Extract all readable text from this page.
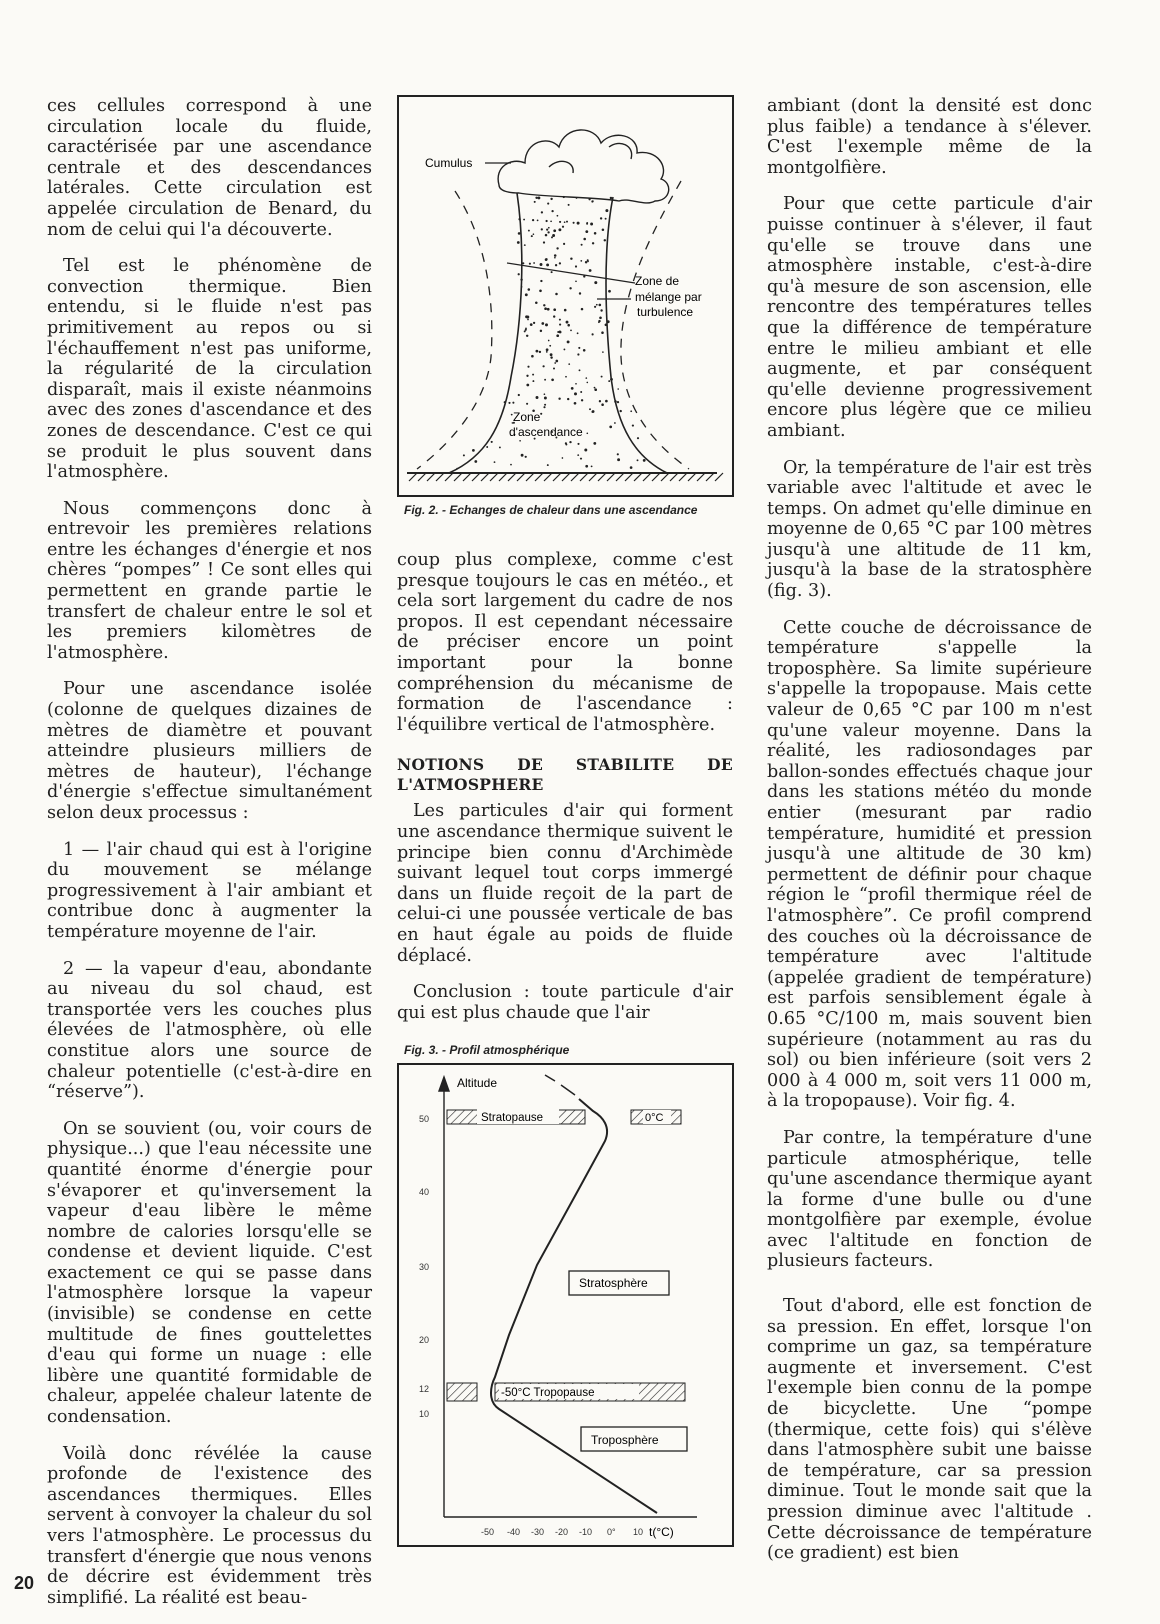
ces cellules correspond à une circulation locale du fluide, caractérisée par une ascendance centrale et des descendances latérales. Cette circulation est appelée circulation de Benard, du nom de celui qui l'a découverte.

Tel est le phénomène de convection thermique. Bien entendu, si le fluide n'est pas primitivement au repos ou si l'échauffement n'est pas uniforme, la régularité de la circulation disparaît, mais il existe néanmoins avec des zones d'ascendance et des zones de descendance. C'est ce qui se produit le plus souvent dans l'atmosphère.

Nous commençons donc à entrevoir les premières relations entre les échanges d'énergie et nos chères “pompes” ! Ce sont elles qui permettent en grande partie le transfert de chaleur entre le sol et les premiers kilomètres de l'atmosphère.

Pour une ascendance isolée (colonne de quelques dizaines de mètres de diamètre et pouvant atteindre plusieurs milliers de mètres de hauteur), l'échange d'énergie s'effectue simultanément selon deux processus :

1 — l'air chaud qui est à l'origine du mouvement se mélange progressivement à l'air ambiant et contribue donc à augmenter la température moyenne de l'air.

2 — la vapeur d'eau, abondante au niveau du sol chaud, est transportée vers les couches plus élevées de l'atmosphère, où elle constitue alors une source de chaleur potentielle (c'est-à-dire en “réserve”).

On se souvient (ou, voir cours de physique...) que l'eau nécessite une quantité énorme d'énergie pour s'évaporer et qu'inversement la vapeur d'eau libère le même nombre de calories lorsqu'elle se condense et devient liquide. C'est exactement ce qui se passe dans l'atmosphère lorsque la vapeur (invisible) se condense en cette multitude de fines gouttelettes d'eau qui forme un nuage : elle libère une quantité formidable de chaleur, appelée chaleur latente de condensation.

Voilà donc révélée la cause profonde de l'existence des ascendances thermiques. Elles servent à convoyer la chaleur du sol vers l'atmosphère. Le processus du transfert d'énergie que nous venons de décrire est évidemment très simplifié. La réalité est beau-

Cumulus
Zone de
mélange par
turbulence
Zone
d'ascendance
Fig. 2. - Echanges de chaleur dans une ascendance

coup plus complexe, comme c'est presque toujours le cas en météo., et cela sort largement du cadre de nos propos. Il est cependant nécessaire de préciser encore un point important pour la bonne compréhension du mécanisme de formation de l'ascendance : l'équilibre vertical de l'atmosphère.

NOTIONS DE STABILITE DE L'ATMOSPHERE

Les particules d'air qui forment une ascendance thermique suivent le principe bien connu d'Archimède suivant lequel tout corps immergé dans un fluide reçoit de la part de celui-ci une poussée verticale de bas en haut égale au poids de fluide déplacé.

Conclusion : toute particule d'air qui est plus chaude que l'air

Fig. 3. - Profil atmosphérique
Altitude
50
40
30
20
12
10
-50 -40 -30 -20 -10 0° 10 t(°C)
Stratopause	0°C
-50°C Tropopause
Stratosphère
Troposphère

ambiant (dont la densité est donc plus faible) a tendance à s'élever. C'est l'exemple même de la montgolfière.

Pour que cette particule d'air puisse continuer à s'élever, il faut qu'elle se trouve dans une atmosphère instable, c'est-à-dire qu'à mesure de son ascension, elle rencontre des températures telles que la différence de température entre le milieu ambiant et elle augmente, et par conséquent qu'elle devienne progressivement encore plus légère que ce milieu ambiant.

Or, la température de l'air est très variable avec l'altitude et avec le temps. On admet qu'elle diminue en moyenne de 0,65 °C par 100 mètres jusqu'à une altitude de 11 km, jusqu'à la base de la stratosphère (fig. 3).

Cette couche de décroissance de température s'appelle la troposphère. Sa limite supérieure s'appelle la tropopause. Mais cette valeur de 0,65 °C par 100 m n'est qu'une valeur moyenne. Dans la réalité, les radiosondages par ballon-sondes effectués chaque jour dans les stations météo du monde entier (mesurant par radio température, humidité et pression jusqu'à une altitude de 30 km) permettent de définir pour chaque région le “profil thermique réel de l'atmosphère”. Ce profil comprend des couches où la décroissance de température avec l'altitude (appelée gradient de température) est parfois sensiblement égale à 0.65 °C/100 m, mais souvent bien supérieure (notamment au ras du sol) ou bien inférieure (soit vers 2 000 à 4 000 m, soit vers 11 000 m, à la tropopause). Voir fig. 4.

Par contre, la température d'une particule atmosphérique, telle qu'une ascendance thermique ayant la forme d'une bulle ou d'une montgolfière par exemple, évolue avec l'altitude en fonction de plusieurs facteurs.

Tout d'abord, elle est fonction de sa pression. En effet, lorsque l'on comprime un gaz, sa température augmente et inversement. C'est l'exemple bien connu de la pompe de bicyclette. Une “pompe (thermique, cette fois) qui s'élève dans l'atmosphère subit une baisse de température, car sa pression diminue. Tout le monde sait que la pression diminue avec l'altitude . Cette décroissance de température (ce gradient) est bien

20
